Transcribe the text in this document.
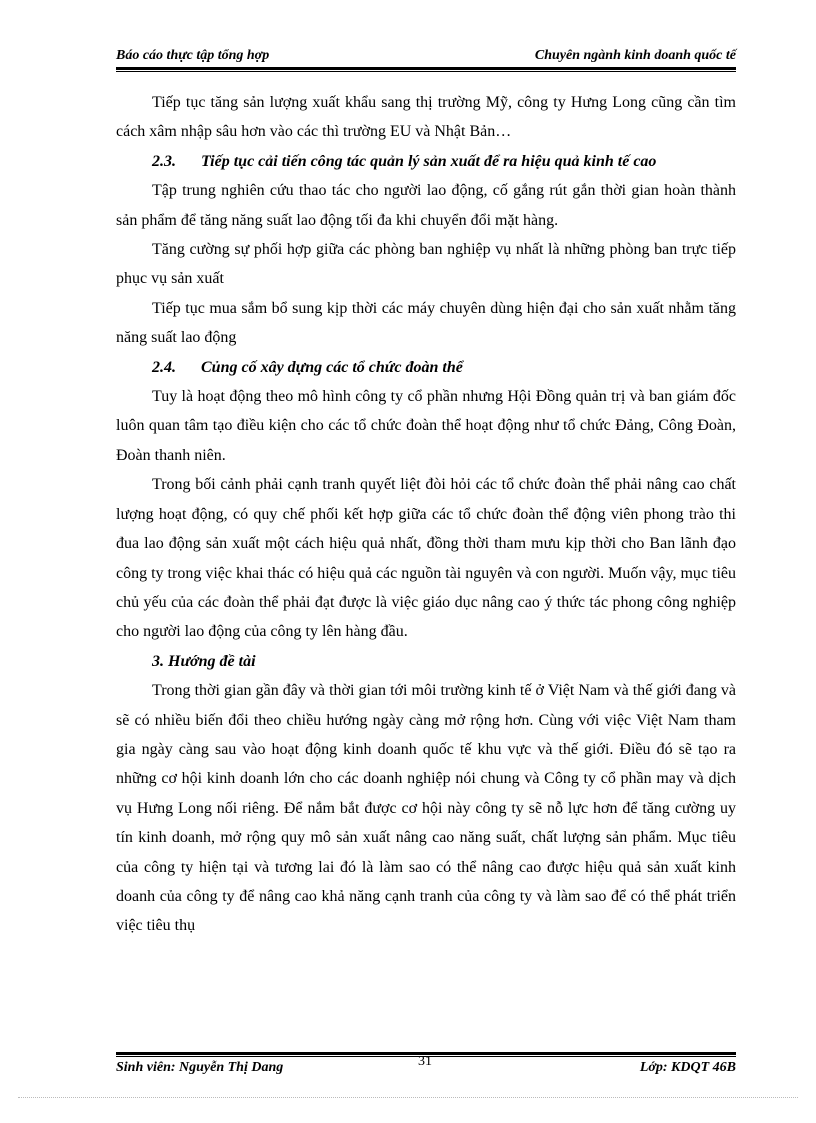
Báo cáo thực tập tổng hợp	Chuyên ngành kinh doanh quốc tế

Tiếp tục tăng sản lượng xuất khẩu sang thị trường Mỹ, công ty Hưng Long cũng cần tìm cách xâm nhập sâu hơn vào các thì trường EU và Nhật Bản…

2.3. Tiếp tục cải tiến công tác quản lý sản xuất để ra hiệu quả kinh tế cao

Tập trung nghiên cứu thao tác cho người lao động, cố gắng rút gắn thời gian hoàn thành sản phẩm để tăng năng suất lao động tối đa khi chuyển đổi mặt hàng.

Tăng cường sự phối hợp giữa các phòng ban nghiệp vụ nhất là những phòng ban trực tiếp phục vụ sản xuất

Tiếp tục mua sắm bổ sung kịp thời các máy chuyên dùng hiện đại cho sản xuất nhằm tăng năng suất lao động

2.4. Củng cố xây dựng các tổ chức đoàn thể

Tuy là hoạt động theo mô hình công ty cổ phần nhưng Hội Đồng quản trị và ban giám đốc luôn quan tâm tạo điều kiện cho các tổ chức đoàn thể hoạt động như tổ chức Đảng, Công Đoàn, Đoàn thanh niên.

Trong bối cảnh phải cạnh tranh quyết liệt đòi hỏi các tổ chức đoàn thể phải nâng cao chất lượng hoạt động, có quy chế phối kết hợp giữa các tổ chức đoàn thể động viên phong trào thi đua lao động sản xuất một cách hiệu quả nhất, đồng thời tham mưu kịp thời cho Ban lãnh đạo công ty trong việc khai thác có hiệu quả các nguồn tài nguyên và con người. Muốn vậy, mục tiêu chủ yếu của các đoàn thể phải đạt được là việc giáo dục nâng cao ý thức tác phong công nghiệp cho người lao động của công ty lên hàng đầu.

3. Hướng đề tài

Trong thời gian gần đây và thời gian tới môi trường kinh tế ở Việt Nam và thế giới đang và sẽ có nhiều biến đổi theo chiều hướng ngày càng mở rộng hơn. Cùng với việc Việt Nam tham gia ngày càng sau vào hoạt động kinh doanh quốc tế khu vực và thế giới. Điều đó sẽ tạo ra những cơ hội kinh doanh lớn cho các doanh nghiệp nói chung và Công ty cổ phần may và dịch vụ Hưng Long nối riêng. Để nắm bắt được cơ hội này công ty sẽ nỗ lực hơn để tăng cường uy tín kinh doanh, mở rộng quy mô sản xuất nâng cao năng suất, chất lượng sản phẩm. Mục tiêu của công ty hiện tại và tương lai đó là làm sao có thể nâng cao được hiệu quả sản xuất kinh doanh của công ty để nâng cao khả năng cạnh tranh của công ty và làm sao để có thể phát triển việc tiêu thụ

Sinh viên: Nguyễn Thị Dang	31	Lớp: KDQT 46B
